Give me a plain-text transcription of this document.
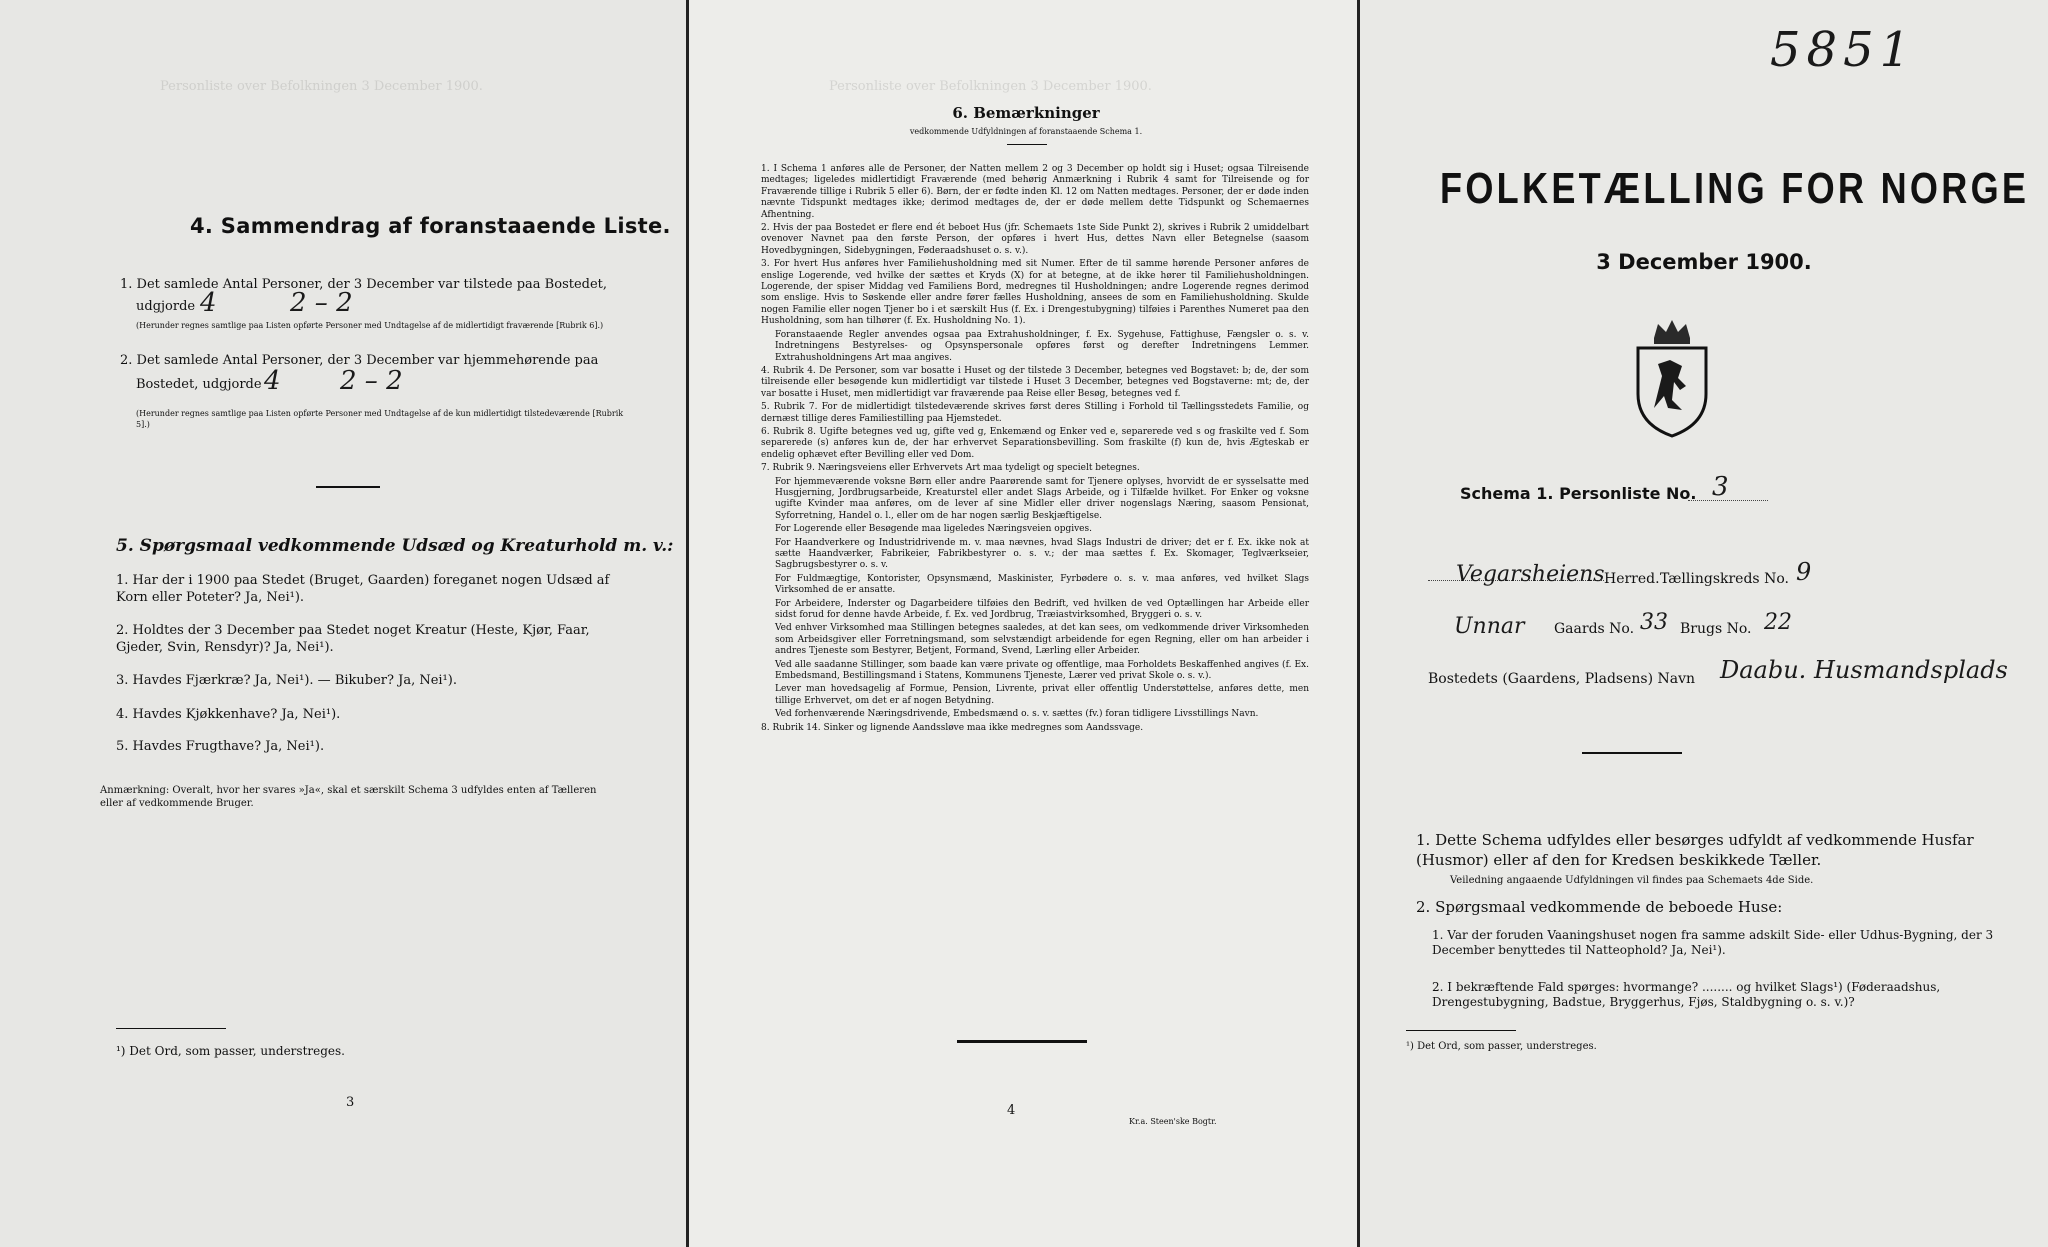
Personliste over Befolkningen 3 December 1900.
4. Sammendrag af foranstaaende Liste.
1. Det samlede Antal Personer, der 3 December var tilstede paa Bostedet,
udgjorde 4	2 – 2
(Herunder regnes samtlige paa Listen opførte Personer med Undtagelse af de midlertidigt fraværende [Rubrik 6].)
2. Det samlede Antal Personer, der 3 December var hjemmehørende paa
Bostedet, udgjorde 4 2 – 2
(Herunder regnes samtlige paa Listen opførte Personer med Undtagelse af de kun midlertidigt tilstedeværende [Rubrik 5].)
5. Spørgsmaal vedkommende Udsæd og Kreaturhold m. v.:
1. Har der i 1900 paa Stedet (Bruget, Gaarden) foreganet nogen Udsæd af Korn eller Poteter? Ja, Nei¹).
2. Holdtes der 3 December paa Stedet noget Kreatur (Heste, Kjør, Faar, Gjeder, Svin, Rensdyr)? Ja, Nei¹).
3. Havdes Fjærkræ? Ja, Nei¹). — Bikuber? Ja, Nei¹).
4. Havdes Kjøkkenhave? Ja, Nei¹).
5. Havdes Frugthave? Ja, Nei¹).
Anmærkning: Overalt, hvor her svares »Ja«, skal et særskilt Schema 3 udfyldes enten af Tælleren eller af vedkommende Bruger.
¹) Det Ord, som passer, understreges.
3
Personliste over Befolkningen 3 December 1900.
6. Bemærkninger
vedkommende Udfyldningen af foranstaaende Schema 1.

1. I Schema 1 anføres alle de Personer, der Natten mellem 2 og 3 December op holdt sig i Huset; ogsaa Tilreisende medtages; ligeledes midlertidigt Fraværende (med behørig Anmærkning i Rubrik 4 samt for Tilreisende og for Fraværende tillige i Rubrik 5 eller 6). Børn, der er fødte inden Kl. 12 om Natten medtages. Personer, der er døde inden nævnte Tidspunkt medtages ikke; derimod medtages de, der er døde mellem dette Tidspunkt og Schemaernes Afhentning.

2. Hvis der paa Bostedet er flere end ét beboet Hus (jfr. Schemaets 1ste Side Punkt 2), skrives i Rubrik 2 umiddelbart ovenover Navnet paa den første Person, der opføres i hvert Hus, dettes Navn eller Betegnelse (saasom Hovedbygningen, Sidebygningen, Føderaadshuset o. s. v.).

3. For hvert Hus anføres hver Familiehusholdning med sit Numer. Efter de til samme hørende Personer anføres de enslige Logerende, ved hvilke der sættes et Kryds (X) for at betegne, at de ikke hører til Familiehusholdningen. Logerende, der spiser Middag ved Familiens Bord, medregnes til Husholdningen; andre Logerende regnes derimod som enslige. Hvis to Søskende eller andre fører fælles Husholdning, ansees de som en Familiehusholdning. Skulde nogen Familie eller nogen Tjener bo i et særskilt Hus (f. Ex. i Drengestubygning) tilføies i Parenthes Numeret paa den Husholdning, som han tilhører (f. Ex. Husholdning No. 1).

Foranstaaende Regler anvendes ogsaa paa Extrahusholdninger, f. Ex. Sygehuse, Fattighuse, Fængsler o. s. v. Indretningens Bestyrelses- og Opsynspersonale opføres først og derefter Indretningens Lemmer. Extrahusholdningens Art maa angives.

4. Rubrik 4. De Personer, som var bosatte i Huset og der tilstede 3 December, betegnes ved Bogstavet: b; de, der som tilreisende eller besøgende kun midlertidigt var tilstede i Huset 3 December, betegnes ved Bogstaverne: mt; de, der var bosatte i Huset, men midlertidigt var fraværende paa Reise eller Besøg, betegnes ved f.

5. Rubrik 7. For de midlertidigt tilstedeværende skrives først deres Stilling i Forhold til Tællingsstedets Familie, og dernæst tillige deres Familiestilling paa Hjemstedet.

6. Rubrik 8. Ugifte betegnes ved ug, gifte ved g, Enkemænd og Enker ved e, separerede ved s og fraskilte ved f. Som separerede (s) anføres kun de, der har erhvervet Separationsbevilling. Som fraskilte (f) kun de, hvis Ægteskab er endelig ophævet efter Bevilling eller ved Dom.

7. Rubrik 9. Næringsveiens eller Erhvervets Art maa tydeligt og specielt betegnes.

For hjemmeværende voksne Børn eller andre Paarørende samt for Tjenere oplyses, hvorvidt de er sysselsatte med Husgjerning, Jordbrugsarbeide, Kreaturstel eller andet Slags Arbeide, og i Tilfælde hvilket. For Enker og voksne ugifte Kvinder maa anføres, om de lever af sine Midler eller driver nogenslags Næring, saasom Pensionat, Syforretning, Handel o. l., eller om de har nogen særlig Beskjæftigelse.

For Logerende eller Besøgende maa ligeledes Næringsveien opgives.

For Haandverkere og Industridrivende m. v. maa nævnes, hvad Slags Industri de driver; det er f. Ex. ikke nok at sætte Haandværker, Fabrikeier, Fabrikbestyrer o. s. v.; der maa sættes f. Ex. Skomager, Teglværkseier, Sagbrugsbestyrer o. s. v.

For Fuldmægtige, Kontorister, Opsynsmænd, Maskinister, Fyrbødere o. s. v. maa anføres, ved hvilket Slags Virksomhed de er ansatte.

For Arbeidere, Inderster og Dagarbeidere tilføies den Bedrift, ved hvilken de ved Optællingen har Arbeide eller sidst forud for denne havde Arbeide, f. Ex. ved Jordbrug, Træiastvirksomhed, Bryggeri o. s. v.

Ved enhver Virksomhed maa Stillingen betegnes saaledes, at det kan sees, om vedkommende driver Virksomheden som Arbeidsgiver eller Forretningsmand, som selvstændigt arbeidende for egen Regning, eller om han arbeider i andres Tjeneste som Bestyrer, Betjent, Formand, Svend, Lærling eller Arbeider.

Ved alle saadanne Stillinger, som baade kan være private og offentlige, maa Forholdets Beskaffenhed angives (f. Ex. Embedsmand, Bestillingsmand i Statens, Kommunens Tjeneste, Lærer ved privat Skole o. s. v.).

Lever man hovedsagelig af Formue, Pension, Livrente, privat eller offentlig Understøttelse, anføres dette, men tillige Erhvervet, om det er af nogen Betydning.

Ved forhenværende Næringsdrivende, Embedsmænd o. s. v. sættes (fv.) foran tidligere Livsstillings Navn.

8. Rubrik 14. Sinker og lignende Aandssløve maa ikke medregnes som Aandssvage.

4
Kr.a. Steen'ske Bogtr.
5851
FOLKETÆLLING FOR NORGE
3 December 1900.
Schema 1. Personliste No. 3
Vegarsheiens Herred. Tællingskreds No. 9
Unnar Gaards No. 33 Brugs No. 22
Bostedets (Gaardens, Pladsens) Navn Daabu. Husmandsplads
1. Dette Schema udfyldes eller besørges udfyldt af vedkommende Husfar (Husmor) eller af den for Kredsen beskikkede Tæller.
Veiledning angaaende Udfyldningen vil findes paa Schemaets 4de Side.
2. Spørgsmaal vedkommende de beboede Huse:
1. Var der foruden Vaaningshuset nogen fra samme adskilt Side- eller Udhus-Bygning, der 3 December benyttedes til Natteophold? Ja, Nei¹).
2. I bekræftende Fald spørges: hvormange? ........ og hvilket Slags¹) (Føderaadshus, Drengestubygning, Badstue, Bryggerhus, Fjøs, Staldbygning o. s. v.)?
¹) Det Ord, som passer, understreges.
